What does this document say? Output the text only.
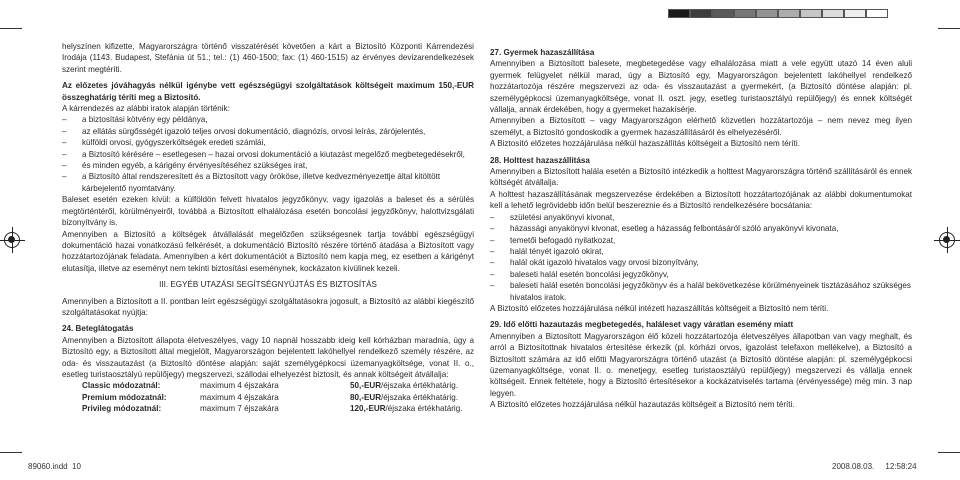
helyszínen kifizette, Magyarországra történő visszatérését követően a kárt a Biztosító Központi Kárrendezési Irodája (1143. Budapest, Stefánia út 51.; tel.: (1) 460-1500; fax: (1) 460-1515) az érvényes devizarendelkezések szerint megtéríti.

Az előzetes jóváhagyás nélkül igénybe vett egészségügyi szolgáltatások költségeit maximum 150,-EUR összeghatárig téríti meg a Biztosító.

A kárrendezés az alábbi iratok alapján történik:

–	a biztosítási kötvény egy példánya,

–	az ellátás sürgősségét igazoló teljes orvosi dokumentáció, diagnózis, orvosi leírás, zárójelentés,

–	külföldi orvosi, gyógyszerköltségek eredeti számlái,

–	a Biztosító kérésére – esetlegesen – hazai orvosi dokumentáció a kiutazást megelőző megbetegedésekről,

–	és minden egyéb, a kárigény érvényesítéséhez szükséges irat,

–	a Biztosító által rendszeresített és a Biztosított vagy örököse, illetve kedvezményezettje által kitöltött kárbejelentő nyomtatvány.

Baleset esetén ezeken kívül: a külföldön felvett hivatalos jegyzőkönyv, vagy igazolás a baleset és a sérülés megtörténtéről, körülményeiről, továbbá a Biztosított elhalálozása esetén boncolási jegyzőkönyv, halottvizsgálati bizonyítvány is.

Amennyiben a Biztosító a költségek átvállalását megelőzően szükségesnek tartja további egészségügyi dokumentáció hazai vonatkozású felkérését, a dokumentáció Biztosító részére történő átadása a Biztosított vagy hozzátartozójának feladata. Amennyiben a kért dokumentációt a Biztosító nem kapja meg, ez esetben a kárigényt elutasítja, illetve az eseményt nem tekinti biztosítási eseménynek, kockázaton kívülinek kezeli.

III. EGYÉB UTAZÁSI SEGÍTSÉGNYÚJTÁS ÉS BIZTOSÍTÁS

Amennyiben a Biztosított a II. pontban leírt egészségügyi szolgáltatásokra jogosult, a Biztosító az alábbi kiegészítő szolgáltatásokat nyújtja:

24. Beteglátogatás

Amennyiben a Biztosított állapota életveszélyes, vagy 10 napnál hosszabb ideig kell kórházban maradnia, úgy a Biztosító egy, a Biztosított által megjelölt, Magyarországon bejelentett lakóhellyel rendelkező személy részére, az oda- és visszautazást (a Biztosító döntése alapján: saját személygépkocsi üzemanyagköltsége, vonat II. o., esetleg turistaosztályú repülőjegy) megszervezi, szállodai elhelyezést biztosít, és annak költségeit átvállalja:

Classic módozatnál:	maximum 4 éjszakára	50,-EUR/éjszaka értékhatárig.
Premium módozatnál:	maximum 4 éjszakára	80,-EUR/éjszaka értékhatárig.
Privileg módozatnál:	maximum 7 éjszakára	120,-EUR/éjszaka értékhatárig.

27. Gyermek hazaszállítása

Amennyiben a Biztosított balesete, megbetegedése vagy elhalálozása miatt a vele együtt utazó 14 éven aluli gyermek felügyelet nélkül marad, úgy a Biztosító egy, Magyarországon bejelentett lakóhellyel rendelkező hozzátartozója részére megszervezi az oda- és visszautazást a gyermekért, (a Biztosító döntése alapján: pl. személygépkocsi üzemanyagköltsége, vonat II. oszt. jegy, esetleg turistaosztályú repülőjegy) és ennek költségét vállalja, annak érdekében, hogy a gyermeket hazakísérje.

Amennyiben a Biztosított – vagy Magyarországon elérhető közvetlen hozzátartozója – nem nevez meg ilyen személyt, a Biztosító gondoskodik a gyermek hazaszállításáról és elhelyezéséről.

A Biztosító előzetes hozzájárulása nélkül hazaszállítás költségeit a Biztosító nem téríti.

28. Holttest hazaszállítása

Amennyiben a Biztosított halála esetén a Biztosító intézkedik a holttest Magyarországra történő szállításáról és ennek költségét átvállalja.

A holttest hazaszállításának megszervezése érdekében a Biztosított hozzátartozójának az alábbi dokumentumokat kell a lehető legrövidebb időn belül beszereznie és a Biztosító rendelkezésére bocsátania:

–	születési anyakönyvi kivonat,

–	házassági anyakönyvi kivonat, esetleg a házasság felbontásáról szóló anyakönyvi kivonata,

–	temetői befogadó nyilatkozat,

–	halál tényét igazoló okirat,

–	halál okát igazoló hivatalos vagy orvosi bizonyítvány,

–	baleseti halál esetén boncolási jegyzőkönyv,

–	baleseti halál esetén boncolási jegyzőkönyv és a halál bekövetkezése körülményeinek tisztázásához szükséges hivatalos iratok.

A Biztosító előzetes hozzájárulása nélkül intézett hazaszállítás költségeit a Biztosító nem téríti.

29. Idő előtti hazautazás megbetegedés, haláleset vagy váratlan esemény miatt

Amennyiben a Biztosított Magyarországon élő közeli hozzátartozója életveszélyes állapotban van vagy meghalt, és arról a Biztosítottnak hivatalos értesítése érkezik (pl. kórházi orvos, igazolást telefaxon mellékelve), a Biztosító a Biztosított számára az idő előtti Magyarországra történő utazást (a Biztosító döntése alapján: pl. személygépkocsi üzemanyagköltsége, vonat II. o. menetjegy, esetleg turistaosztályú repülőjegy) megszervezi és vállalja ennek költségeit. Ennek feltétele, hogy a Biztosító értesítésekor a kockázatviselés tartama (érvényessége) még min. 3 nap legyen.

A Biztosító előzetes hozzájárulása nélkül hazautazás költségeit a Biztosító nem téríti.

89060.indd 10	2008.08.03. 12:58:24
